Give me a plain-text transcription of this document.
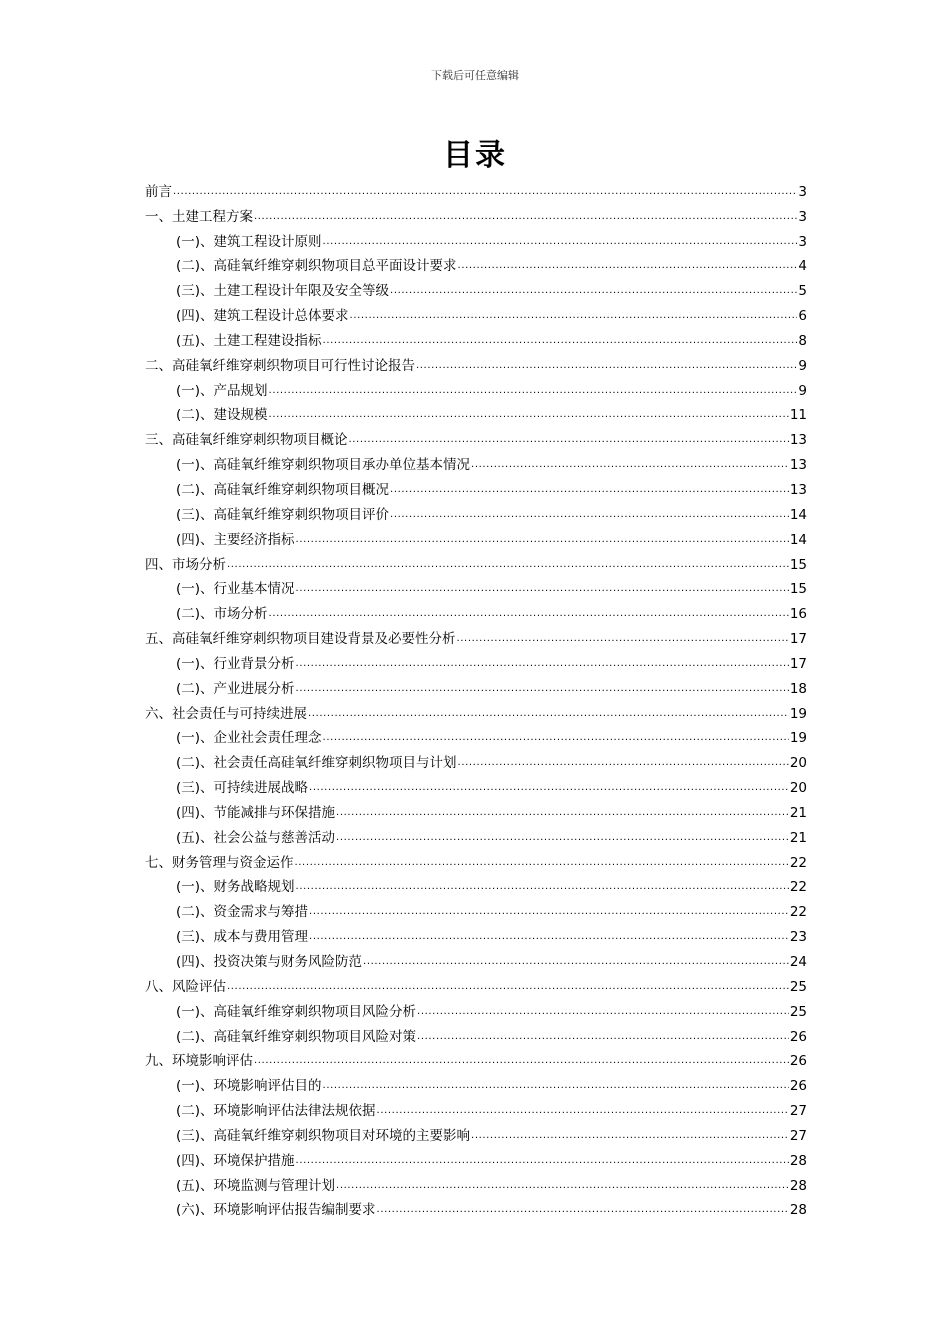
下载后可任意编辑
目录
前言 .....	3
一、土建工程方案 .....	3
(一)、建筑工程设计原则 .....	3
(二)、高硅氧纤维穿刺织物项目总平面设计要求 .....	4
(三)、土建工程设计年限及安全等级 .....	5
(四)、建筑工程设计总体要求 .....	6
(五)、土建工程建设指标 .....	8
二、高硅氧纤维穿刺织物项目可行性讨论报告 .....	9
(一)、产品规划 .....	9
(二)、建设规模 .....	11
三、高硅氧纤维穿刺织物项目概论 .....	13
(一)、高硅氧纤维穿刺织物项目承办单位基本情况 .....	13
(二)、高硅氧纤维穿刺织物项目概况 .....	13
(三)、高硅氧纤维穿刺织物项目评价 .....	14
(四)、主要经济指标 .....	14
四、市场分析 .....	15
(一)、行业基本情况 .....	15
(二)、市场分析 .....	16
五、高硅氧纤维穿刺织物项目建设背景及必要性分析 .....	17
(一)、行业背景分析 .....	17
(二)、产业进展分析 .....	18
六、社会责任与可持续进展 .....	19
(一)、企业社会责任理念 .....	19
(二)、社会责任高硅氧纤维穿刺织物项目与计划 .....	20
(三)、可持续进展战略 .....	20
(四)、节能减排与环保措施 .....	21
(五)、社会公益与慈善活动 .....	21
七、财务管理与资金运作 .....	22
(一)、财务战略规划 .....	22
(二)、资金需求与筹措 .....	22
(三)、成本与费用管理 .....	23
(四)、投资决策与财务风险防范 .....	24
八、风险评估 .....	25
(一)、高硅氧纤维穿刺织物项目风险分析 .....	25
(二)、高硅氧纤维穿刺织物项目风险对策 .....	26
九、环境影响评估 .....	26
(一)、环境影响评估目的 .....	26
(二)、环境影响评估法律法规依据 .....	27
(三)、高硅氧纤维穿刺织物项目对环境的主要影响 .....	27
(四)、环境保护措施 .....	28
(五)、环境监测与管理计划 .....	28
(六)、环境影响评估报告编制要求 .....	28
